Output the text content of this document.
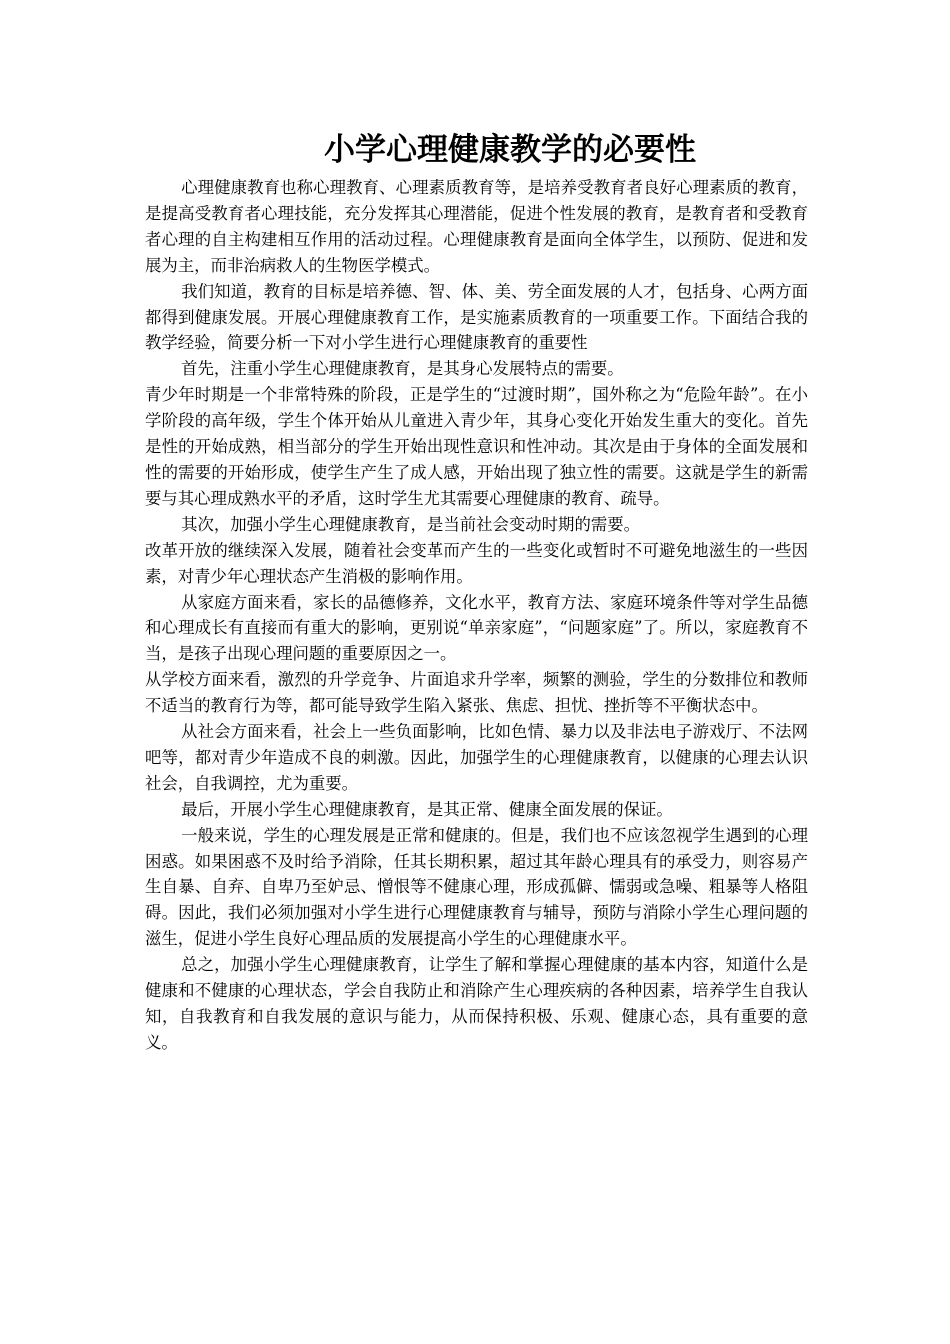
小学心理健康教学的必要性

心理健康教育也称心理教育、心理素质教育等，是培养受教育者良好心理素质的教育，是提高受教育者心理技能，充分发挥其心理潜能，促进个性发展的教育，是教育者和受教育者心理的自主构建相互作用的活动过程。心理健康教育是面向全体学生，以预防、促进和发展为主，而非治病救人的生物医学模式。

我们知道，教育的目标是培养德、智、体、美、劳全面发展的人才，包括身、心两方面都得到健康发展。开展心理健康教育工作，是实施素质教育的一项重要工作。下面结合我的教学经验，简要分析一下对小学生进行心理健康教育的重要性

首先，注重小学生心理健康教育，是其身心发展特点的需要。

青少年时期是一个非常特殊的阶段，正是学生的“过渡时期”，国外称之为“危险年龄”。在小学阶段的高年级，学生个体开始从儿童进入青少年，其身心变化开始发生重大的变化。首先是性的开始成熟，相当部分的学生开始出现性意识和性冲动。其次是由于身体的全面发展和性的需要的开始形成，使学生产生了成人感，开始出现了独立性的需要。这就是学生的新需要与其心理成熟水平的矛盾，这时学生尤其需要心理健康的教育、疏导。

其次，加强小学生心理健康教育，是当前社会变动时期的需要。

改革开放的继续深入发展，随着社会变革而产生的一些变化或暂时不可避免地滋生的一些因素，对青少年心理状态产生消极的影响作用。

从家庭方面来看，家长的品德修养，文化水平，教育方法、家庭环境条件等对学生品德和心理成长有直接而有重大的影响，更别说“单亲家庭”，“问题家庭”了。所以，家庭教育不当，是孩子出现心理问题的重要原因之一。

从学校方面来看，激烈的升学竞争、片面追求升学率，频繁的测验，学生的分数排位和教师不适当的教育行为等，都可能导致学生陷入紧张、焦虑、担忧、挫折等不平衡状态中。

从社会方面来看，社会上一些负面影响，比如色情、暴力以及非法电子游戏厅、不法网吧等，都对青少年造成不良的刺激。因此，加强学生的心理健康教育，以健康的心理去认识社会，自我调控，尤为重要。

最后，开展小学生心理健康教育，是其正常、健康全面发展的保证。

一般来说，学生的心理发展是正常和健康的。但是，我们也不应该忽视学生遇到的心理困惑。如果困惑不及时给予消除，任其长期积累，超过其年龄心理具有的承受力，则容易产生自暴、自弃、自卑乃至妒忌、憎恨等不健康心理，形成孤僻、懦弱或急噪、粗暴等人格阻碍。因此，我们必须加强对小学生进行心理健康教育与辅导，预防与消除小学生心理问题的滋生，促进小学生良好心理品质的发展提高小学生的心理健康水平。

总之，加强小学生心理健康教育，让学生了解和掌握心理健康的基本内容，知道什么是健康和不健康的心理状态，学会自我防止和消除产生心理疾病的各种因素，培养学生自我认知，自我教育和自我发展的意识与能力，从而保持积极、乐观、健康心态，具有重要的意义。
